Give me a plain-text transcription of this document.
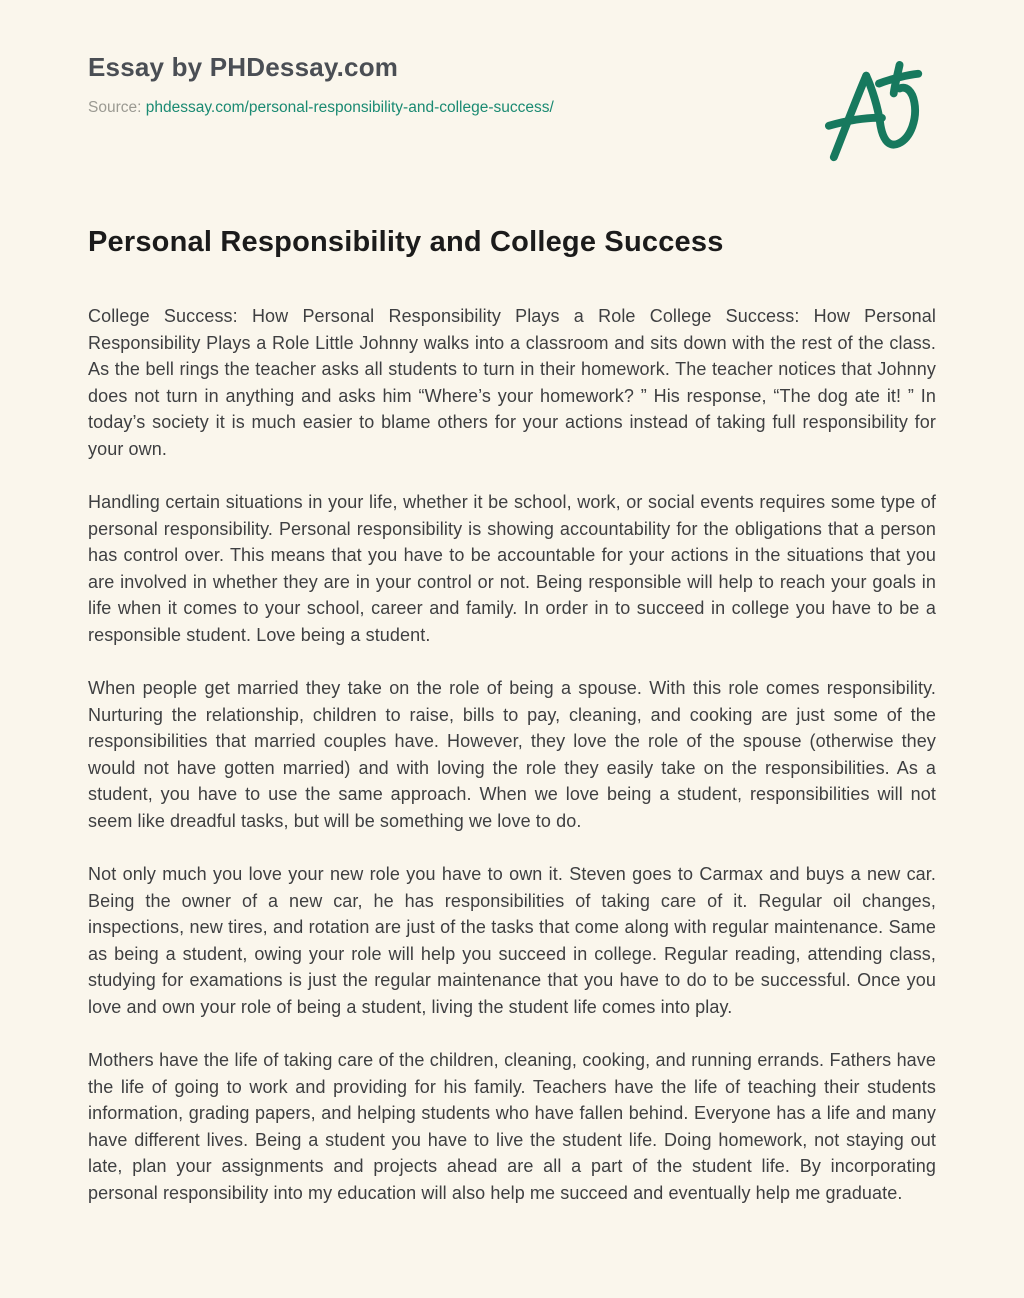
Essay by PHDessay.com
Source: phdessay.com/personal-responsibility-and-college-success/
Personal Responsibility and College Success

College Success: How Personal Responsibility Plays a Role College Success: How Personal Responsibility Plays a Role Little Johnny walks into a classroom and sits down with the rest of the class. As the bell rings the teacher asks all students to turn in their homework. The teacher notices that Johnny does not turn in anything and asks him “Where’s your homework? ” His response, “The dog ate it! ” In today’s society it is much easier to blame others for your actions instead of taking full responsibility for your own.

Handling certain situations in your life, whether it be school, work, or social events requires some type of personal responsibility. Personal responsibility is showing accountability for the obligations that a person has control over. This means that you have to be accountable for your actions in the situations that you are involved in whether they are in your control or not. Being responsible will help to reach your goals in life when it comes to your school, career and family. In order in to succeed in college you have to be a responsible student. Love being a student.

When people get married they take on the role of being a spouse. With this role comes responsibility. Nurturing the relationship, children to raise, bills to pay, cleaning, and cooking are just some of the responsibilities that married couples have. However, they love the role of the spouse (otherwise they would not have gotten married) and with loving the role they easily take on the responsibilities. As a student, you have to use the same approach. When we love being a student, responsibilities will not seem like dreadful tasks, but will be something we love to do.

Not only much you love your new role you have to own it. Steven goes to Carmax and buys a new car. Being the owner of a new car, he has responsibilities of taking care of it. Regular oil changes, inspections, new tires, and rotation are just of the tasks that come along with regular maintenance. Same as being a student, owing your role will help you succeed in college. Regular reading, attending class, studying for examations is just the regular maintenance that you have to do to be successful. Once you love and own your role of being a student, living the student life comes into play.

Mothers have the life of taking care of the children, cleaning, cooking, and running errands. Fathers have the life of going to work and providing for his family. Teachers have the life of teaching their students information, grading papers, and helping students who have fallen behind. Everyone has a life and many have different lives. Being a student you have to live the student life. Doing homework, not staying out late, plan your assignments and projects ahead are all a part of the student life. By incorporating personal responsibility into my education will also help me succeed and eventually help me graduate.
